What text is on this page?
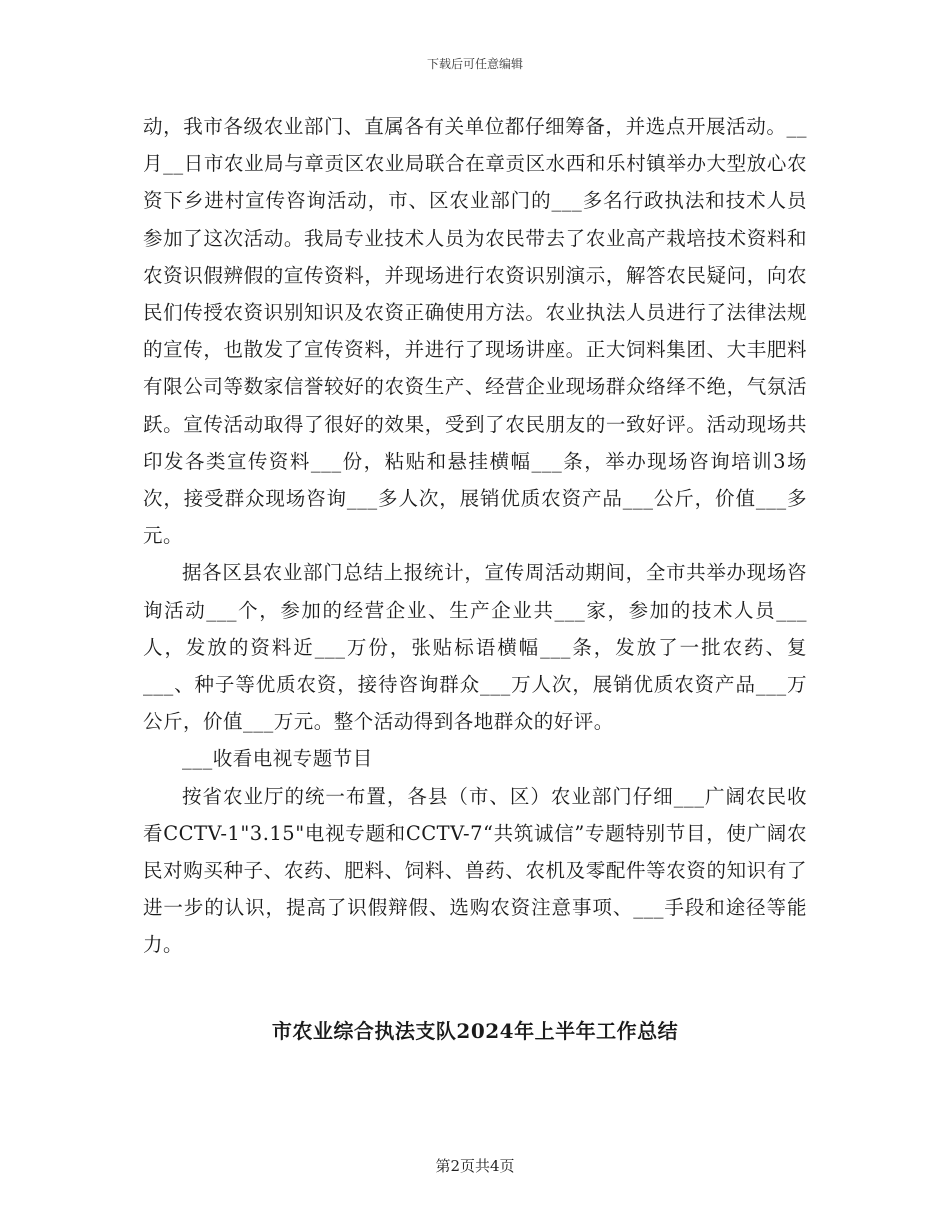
下载后可任意编辑

动，我市各级农业部门、直属各有关单位都仔细筹备，并选点开展活动。__月__日市农业局与章贡区农业局联合在章贡区水西和乐村镇举办大型放心农资下乡进村宣传咨询活动，市、区农业部门的___多名行政执法和技术人员参加了这次活动。我局专业技术人员为农民带去了农业高产栽培技术资料和农资识假辨假的宣传资料，并现场进行农资识别演示，解答农民疑问，向农民们传授农资识别知识及农资正确使用方法。农业执法人员进行了法律法规的宣传，也散发了宣传资料，并进行了现场讲座。正大饲料集团、大丰肥料有限公司等数家信誉较好的农资生产、经营企业现场群众络绎不绝，气氛活跃。宣传活动取得了很好的效果，受到了农民朋友的一致好评。活动现场共印发各类宣传资料___份，粘贴和悬挂横幅___条，举办现场咨询培训3场次，接受群众现场咨询___多人次，展销优质农资产品___公斤，价值___多元。

据各区县农业部门总结上报统计，宣传周活动期间，全市共举办现场咨询活动___个，参加的经营企业、生产企业共___家，参加的技术人员___人，发放的资料近___万份，张贴标语横幅___条，发放了一批农药、复___、种子等优质农资，接待咨询群众___万人次，展销优质农资产品___万公斤，价值___万元。整个活动得到各地群众的好评。

___收看电视专题节目

按省农业厅的统一布置，各县（市、区）农业部门仔细___广阔农民收看CCTV-1"3.15"电视专题和CCTV-7“共筑诚信”专题特别节目，使广阔农民对购买种子、农药、肥料、饲料、兽药、农机及零配件等农资的知识有了进一步的认识，提高了识假辩假、选购农资注意事项、___手段和途径等能力。

市农业综合执法支队2024年上半年工作总结
第2页共4页
